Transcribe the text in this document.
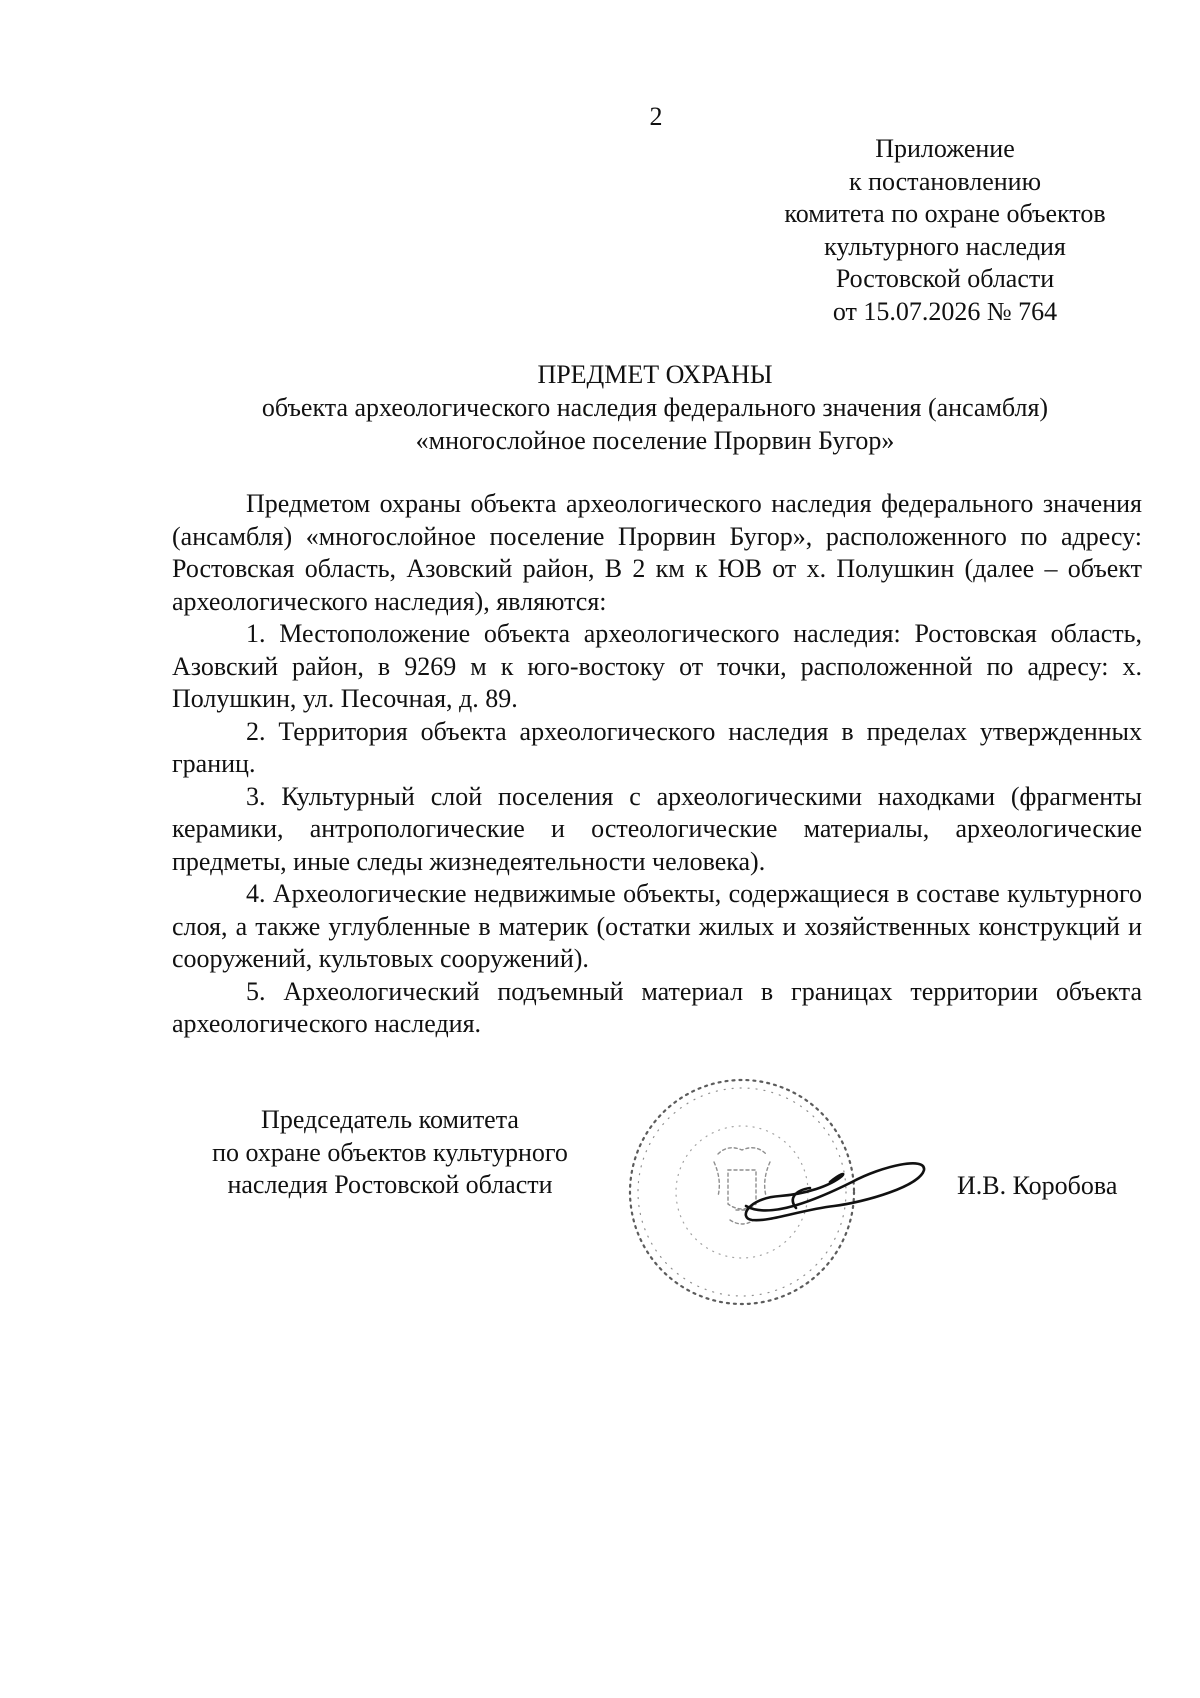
2
Приложение
к постановлению
комитета по охране объектов
культурного наследия
Ростовской области
от 15.07.2026 № 764
ПРЕДМЕТ ОХРАНЫ
объекта археологического наследия федерального значения (ансамбля)
«многослойное поселение Прорвин Бугор»

Предметом охраны объекта археологического наследия федерального значения (ансамбля) «многослойное поселение Прорвин Бугор», расположенного по адресу: Ростовская область, Азовский район, В 2 км к ЮВ от х. Полушкин (далее – объект археологического наследия), являются:

1. Местоположение объекта археологического наследия: Ростовская область, Азовский район, в 9269 м к юго-востоку от точки, расположенной по адресу: х. Полушкин, ул. Песочная, д. 89.

2. Территория объекта археологического наследия в пределах утвержденных границ.

3. Культурный слой поселения с археологическими находками (фрагменты керамики, антропологические и остеологические материалы, археологические предметы, иные следы жизнедеятельности человека).

4. Археологические недвижимые объекты, содержащиеся в составе культурного слоя, а также углубленные в материк (остатки жилых и хозяйственных конструкций и сооружений, культовых сооружений).

5. Археологический подъемный материал в границах территории объекта археологического наследия.

Председатель комитета
по охране объектов культурного
наследия Ростовской области	И.В. Коробова
